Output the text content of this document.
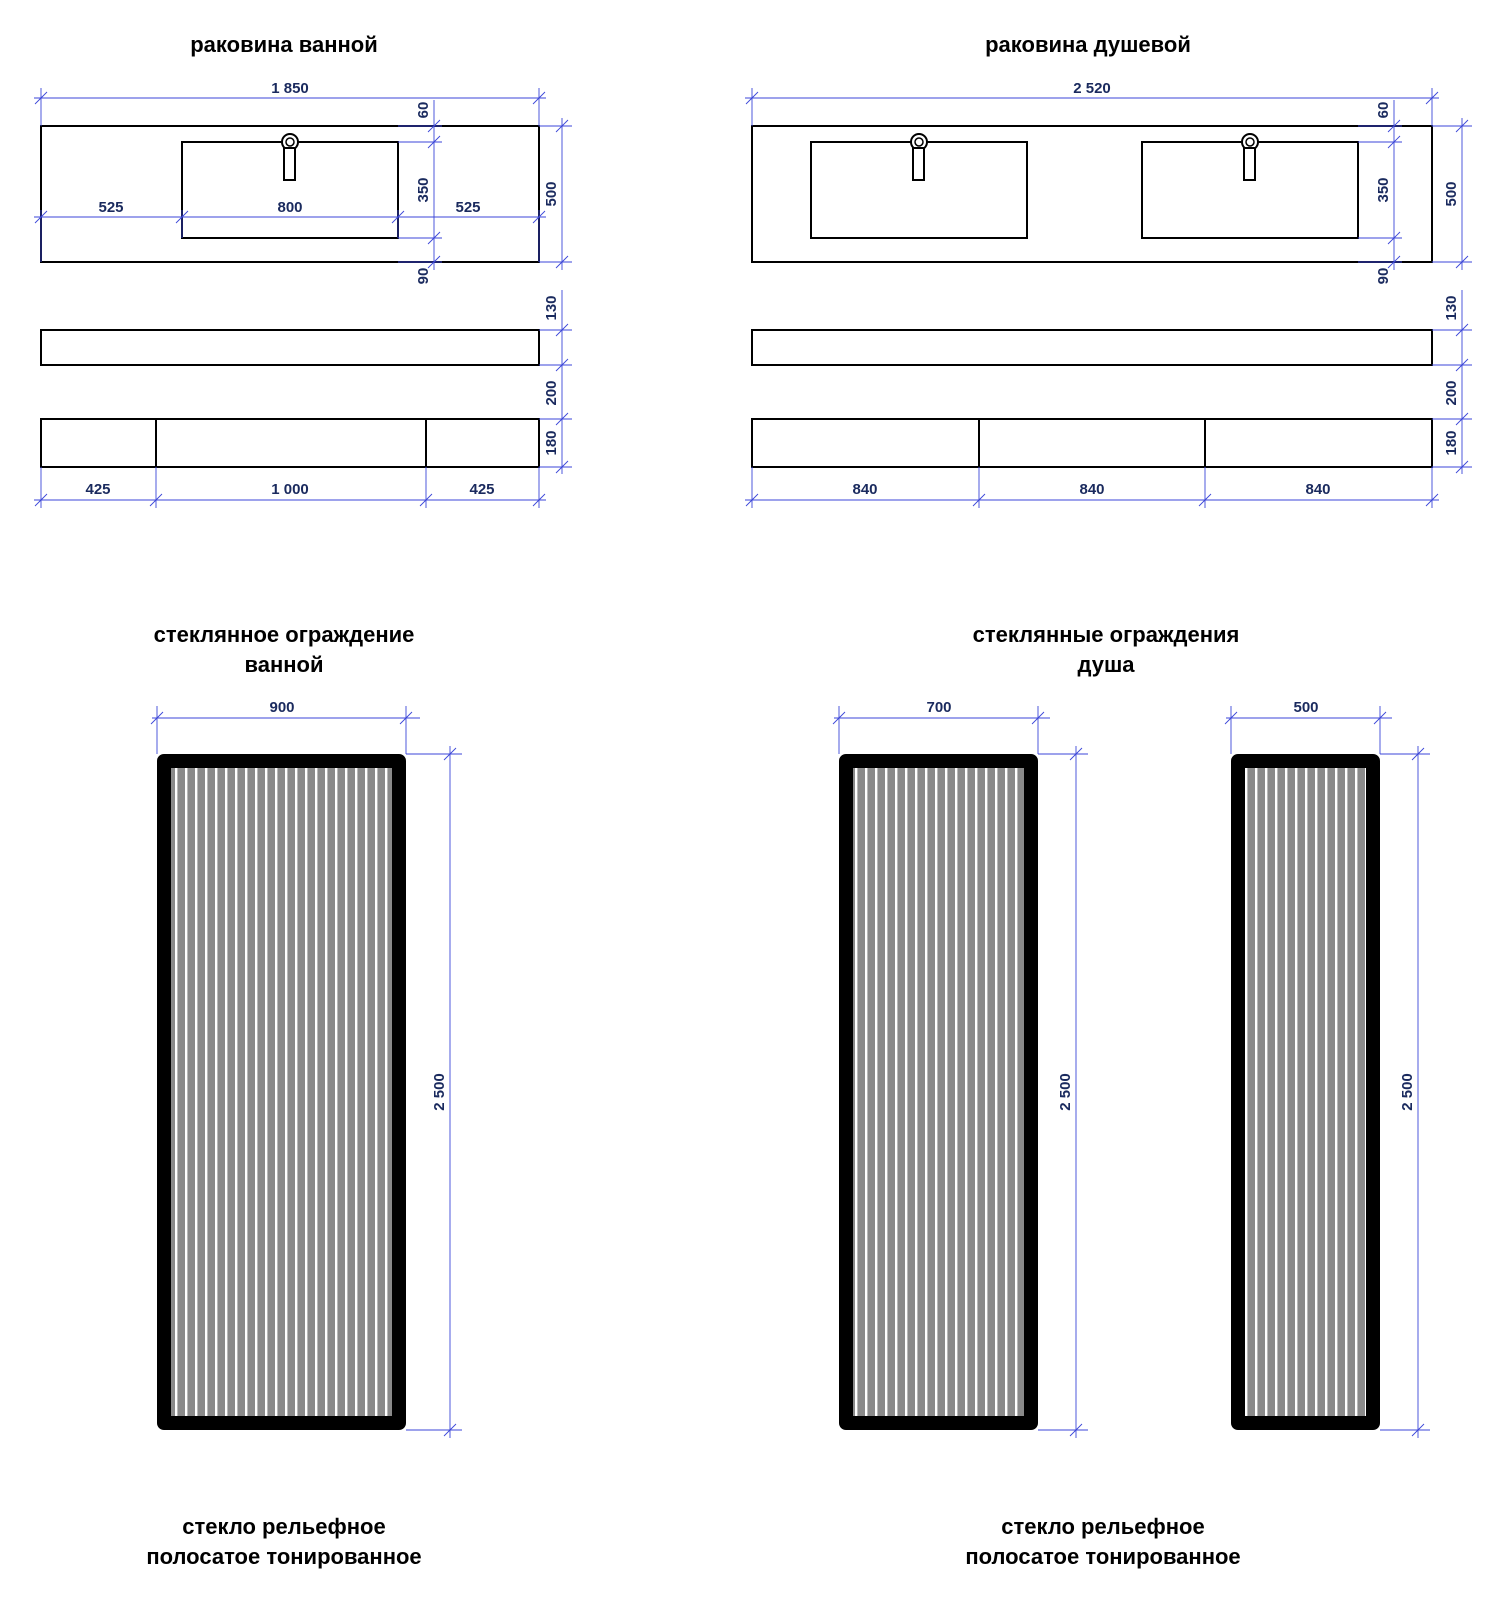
раковина ванной	раковина душевой
стеклянное ограждение
ванной
стеклянные ограждения
душа
стекло рельефное
полосатое тонированное
стекло рельефное
полосатое тонированное
1 850
525	800	525
60
350
90
500
130
200
180
425	1 000	425
2 520
60
350
90
500
130
200
180
840	840	840
900
2 500
700
2 500
500
2 500
